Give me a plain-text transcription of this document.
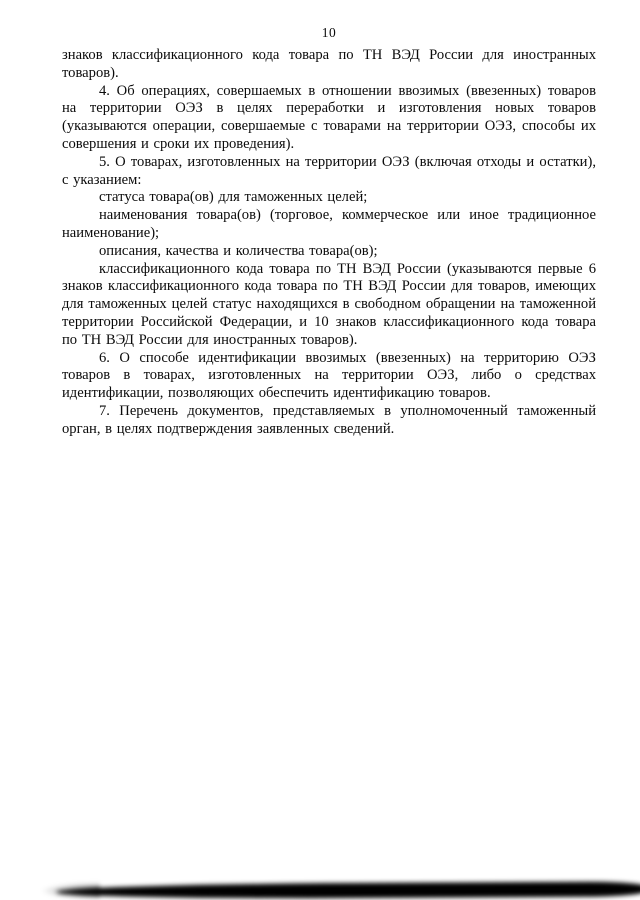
10

знаков классификационного кода товара по ТН ВЭД России для иностранных товаров).

4. Об операциях, совершаемых в отношении ввозимых (ввезенных) товаров на территории ОЭЗ в целях переработки и изготовления новых товаров (указываются операции, совершаемые с товарами на территории ОЭЗ, способы их совершения и сроки их проведения).

5. О товарах, изготовленных на территории ОЭЗ (включая отходы и остатки), с указанием:

статуса товара(ов) для таможенных целей;

наименования товара(ов) (торговое, коммерческое или иное традиционное наименование);

описания, качества и количества товара(ов);

классификационного кода товара по ТН ВЭД России (указываются первые 6 знаков классификационного кода товара по ТН ВЭД России для товаров, имеющих для таможенных целей статус находящихся в свободном обращении на таможенной территории Российской Федерации, и 10 знаков классификационного кода товара по ТН ВЭД России для иностранных товаров).

6. О способе идентификации ввозимых (ввезенных) на территорию ОЭЗ товаров в товарах, изготовленных на территории ОЭЗ, либо о средствах идентификации, позволяющих обеспечить идентификацию товаров.

7. Перечень документов, представляемых в уполномоченный таможенный орган, в целях подтверждения заявленных сведений.
